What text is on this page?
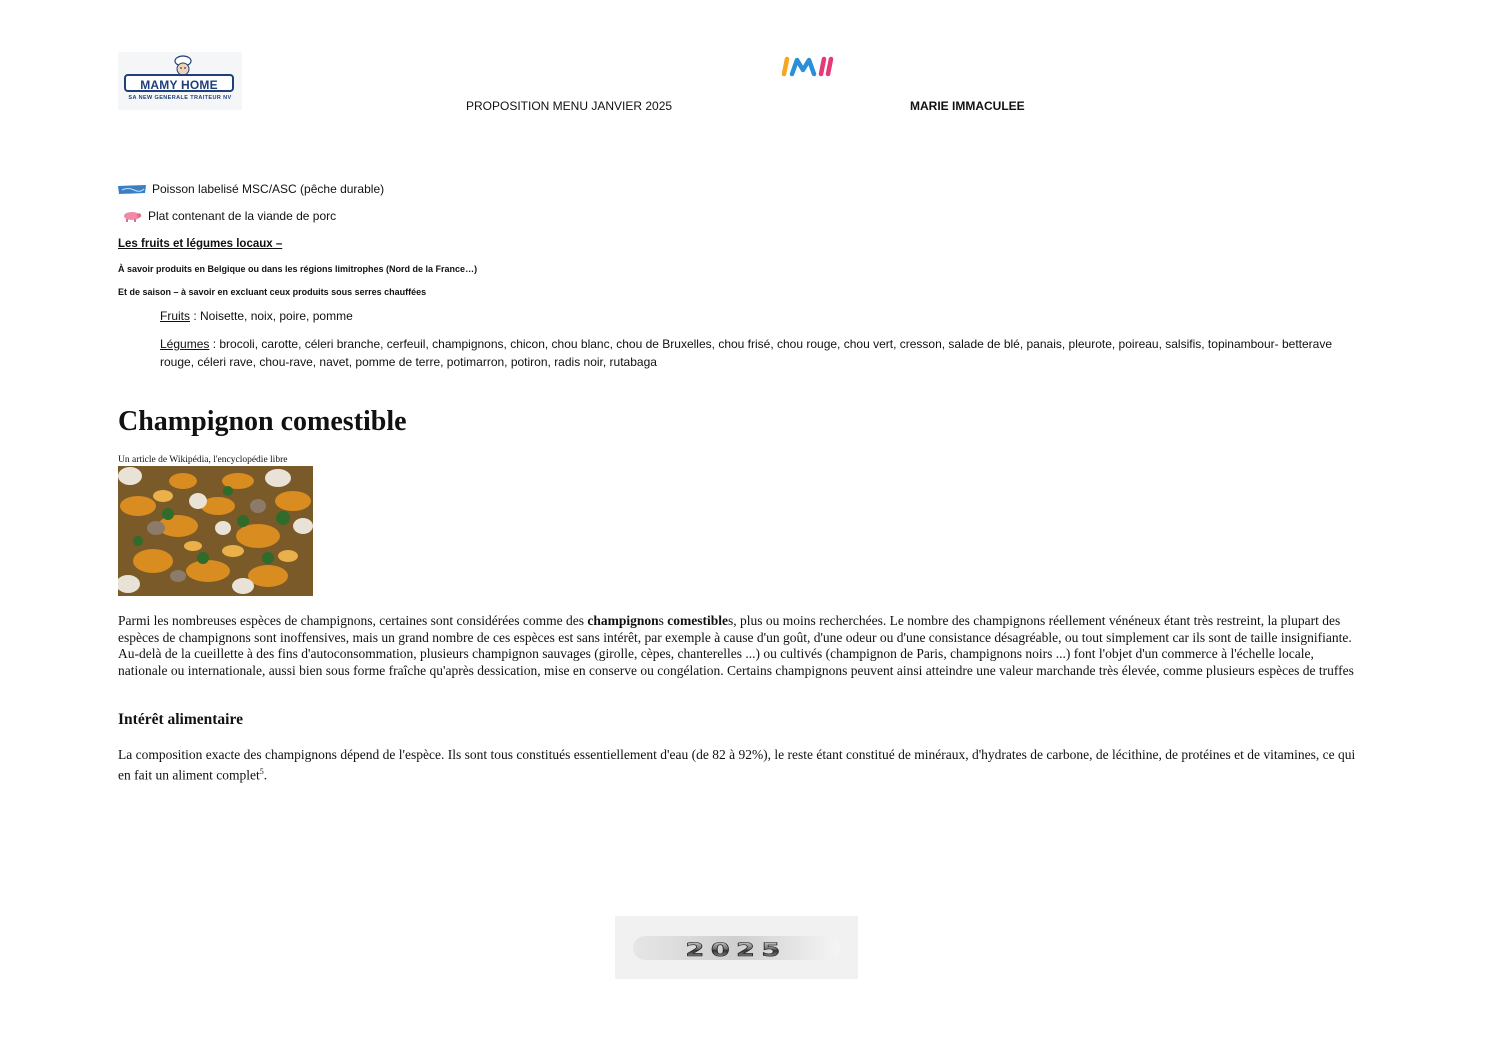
MAMY HOME
SA NEW GENERALE TRAITEUR NV
IMI
PROPOSITION MENU JANVIER 2025	MARIE IMMACULEE
Poisson labelisé MSC/ASC (pêche durable)
Plat contenant de la viande de porc
Les fruits et légumes locaux –
À savoir produits en Belgique ou dans les régions limitrophes (Nord de la France…)
Et de saison – à savoir en excluant ceux produits sous serres chauffées
Fruits : Noisette, noix, poire, pomme
Légumes : brocoli, carotte, céleri branche, cerfeuil, champignons, chicon, chou blanc, chou de Bruxelles, chou frisé, chou rouge, chou vert, cresson, salade de blé, panais, pleurote, poireau, salsifis, topinambour- betterave rouge, céleri rave, chou-rave, navet, pomme de terre, potimarron, potiron, radis noir, rutabaga
Champignon comestible
Un article de Wikipédia, l'encyclopédie libre

Parmi les nombreuses espèces de champignons, certaines sont considérées comme des champignons comestibles, plus ou moins recherchées. Le nombre des champignons réellement vénéneux étant très restreint, la plupart des espèces de champignons sont inoffensives, mais un grand nombre de ces espèces est sans intérêt, par exemple à cause d'un goût, d'une odeur ou d'une consistance désagréable, ou tout simplement car ils sont de taille insignifiante. Au-delà de la cueillette à des fins d'autoconsommation, plusieurs champignon sauvages (girolle, cèpes, chanterelles ...) ou cultivés (champignon de Paris, champignons noirs ...) font l'objet d'un commerce à l'échelle locale, nationale ou internationale, aussi bien sous forme fraîche qu'après dessication, mise en conserve ou congélation. Certains champignons peuvent ainsi atteindre une valeur marchande très élevée, comme plusieurs espèces de truffes

Intérêt alimentaire

La composition exacte des champignons dépend de l'espèce. Ils sont tous constitués essentiellement d'eau (de 82 à 92%), le reste étant constitué de minéraux, d'hydrates de carbone, de lécithine, de protéines et de vitamines, ce qui en fait un aliment complet$^5$.

2025
